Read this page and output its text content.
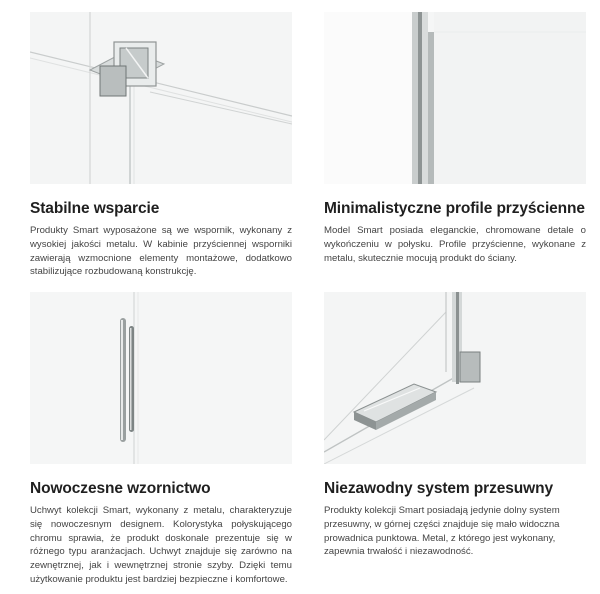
Stabilne wsparcie

Produkty Smart wyposażone są we wspornik, wykonany z wysokiej jakości metalu. W kabinie przyściennej wsporniki zawierają wzmocnione elementy montażowe, dodatkowo stabilizujące rozbudowaną konstrukcję.

Minimalistyczne profile przyścienne

Model Smart posiada eleganckie, chromowane detale o wykończeniu w połysku. Profile przyścienne, wykonane z metalu, skutecznie mocują produkt do ściany.

Nowoczesne wzornictwo

Uchwyt kolekcji Smart, wykonany z metalu, charakteryzuje się nowoczesnym designem. Kolorystyka połyskującego chromu sprawia, że produkt doskonale prezentuje się w różnego typu aranżacjach. Uchwyt znajduje się zarówno na zewnętrznej, jak i wewnętrznej stronie szyby. Dzięki temu użytkowanie produktu jest bardziej bezpieczne i komfortowe.

Niezawodny system przesuwny

Produkty kolekcji Smart posiadają jedynie dolny system przesuwny, w górnej części znajduje się mało widoczna prowadnica punktowa. Metal, z którego jest wykonany, zapewnia trwałość i niezawodność.
